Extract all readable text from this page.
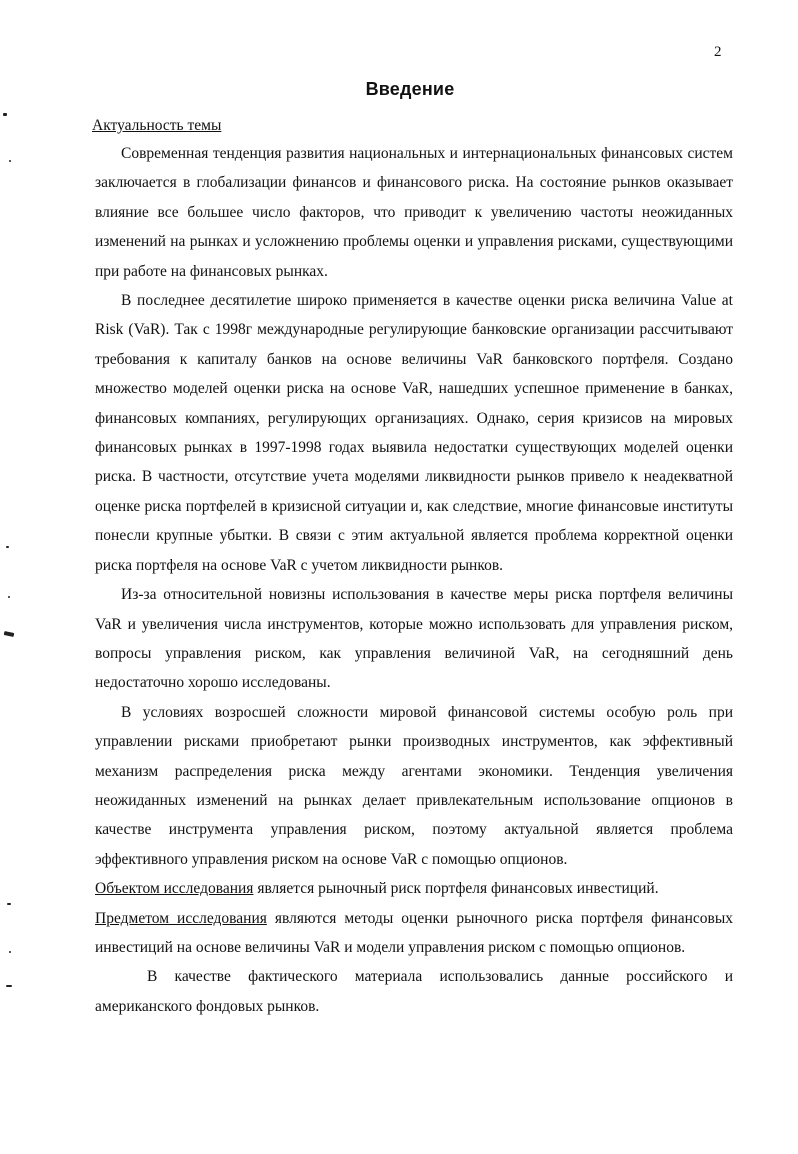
2
Введение
Актуальность темы

Современная тенденция развития национальных и интернациональных финансовых систем заключается в глобализации финансов и финансового риска. На состояние рынков оказывает влияние все большее число факторов, что приводит к увеличению частоты неожиданных изменений на рынках и усложнению проблемы оценки и управления рисками, существующими при работе на финансовых рынках.

В последнее десятилетие широко применяется в качестве оценки риска величина Value at Risk (VaR). Так с 1998г международные регулирующие банковские организации рассчитывают требования к капиталу банков на основе величины VaR банковского портфеля. Создано множество моделей оценки риска на основе VaR, нашедших успешное применение в банках, финансовых компаниях, регулирующих организациях. Однако, серия кризисов на мировых финансовых рынках в 1997-1998 годах выявила недостатки существующих моделей оценки риска. В частности, отсутствие учета моделями ликвидности рынков привело к неадекватной оценке риска портфелей в кризисной ситуации и, как следствие, многие финансовые институты понесли крупные убытки. В связи с этим актуальной является проблема корректной оценки риска портфеля на основе VaR с учетом ликвидности рынков.

Из-за относительной новизны использования в качестве меры риска портфеля величины VaR и увеличения числа инструментов, которые можно использовать для управления риском, вопросы управления риском, как управления величиной VaR, на сегодняшний день недостаточно хорошо исследованы.

В условиях возросшей сложности мировой финансовой системы особую роль при управлении рисками приобретают рынки производных инструментов, как эффективный механизм распределения риска между агентами экономики. Тенденция увеличения неожиданных изменений на рынках делает привлекательным использование опционов в качестве инструмента управления риском, поэтому актуальной является проблема эффективного управления риском на основе VaR с помощью опционов.

Объектом исследования является рыночный риск портфеля финансовых инвестиций.

Предметом исследования являются методы оценки рыночного риска портфеля финансовых инвестиций на основе величины VaR и модели управления риском с помощью опционов.

В качестве фактического материала использовались данные российского и американского фондовых рынков.
